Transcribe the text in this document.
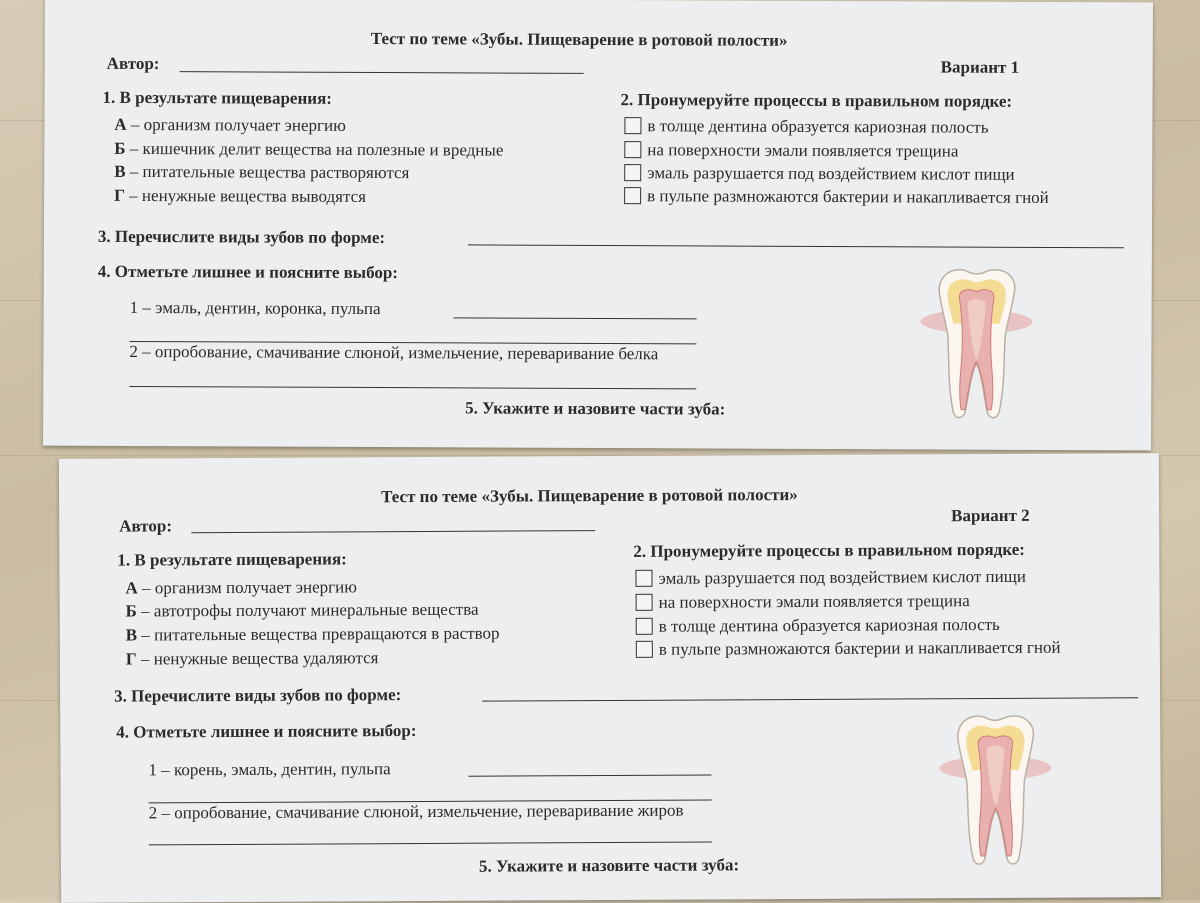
Тест по теме «Зубы. Пищеварение в ротовой полости»
Автор:	Вариант 1
1. В результате пищеварения:
А – организм получает энергию
Б – кишечник делит вещества на полезные и вредные
В – питательные вещества растворяются
Г – ненужные вещества выводятся
2. Пронумеруйте процессы в правильном порядке:
в толще дентина образуется кариозная полость
на поверхности эмали появляется трещина
эмаль разрушается под воздействием кислот пищи
в пульпе размножаются бактерии и накапливается гной
3. Перечислите виды зубов по форме:
4. Отметьте лишнее и поясните выбор:
1 – эмаль, дентин, коронка, пульпа
2 – опробование, смачивание слюной, измельчение, переваривание белка
5. Укажите и назовите части зуба:
Тест по теме «Зубы. Пищеварение в ротовой полости»
Автор:
Вариант 2
1. В результате пищеварения:
А – организм получает энергию
Б – автотрофы получают минеральные вещества
В – питательные вещества превращаются в раствор
Г – ненужные вещества удаляются
2. Пронумеруйте процессы в правильном порядке:
эмаль разрушается под воздействием кислот пищи
на поверхности эмали появляется трещина
в толще дентина образуется кариозная полость
в пульпе размножаются бактерии и накапливается гной
3. Перечислите виды зубов по форме:
4. Отметьте лишнее и поясните выбор:
1 – корень, эмаль, дентин, пульпа
2 – опробование, смачивание слюной, измельчение, переваривание жиров
5. Укажите и назовите части зуба:
